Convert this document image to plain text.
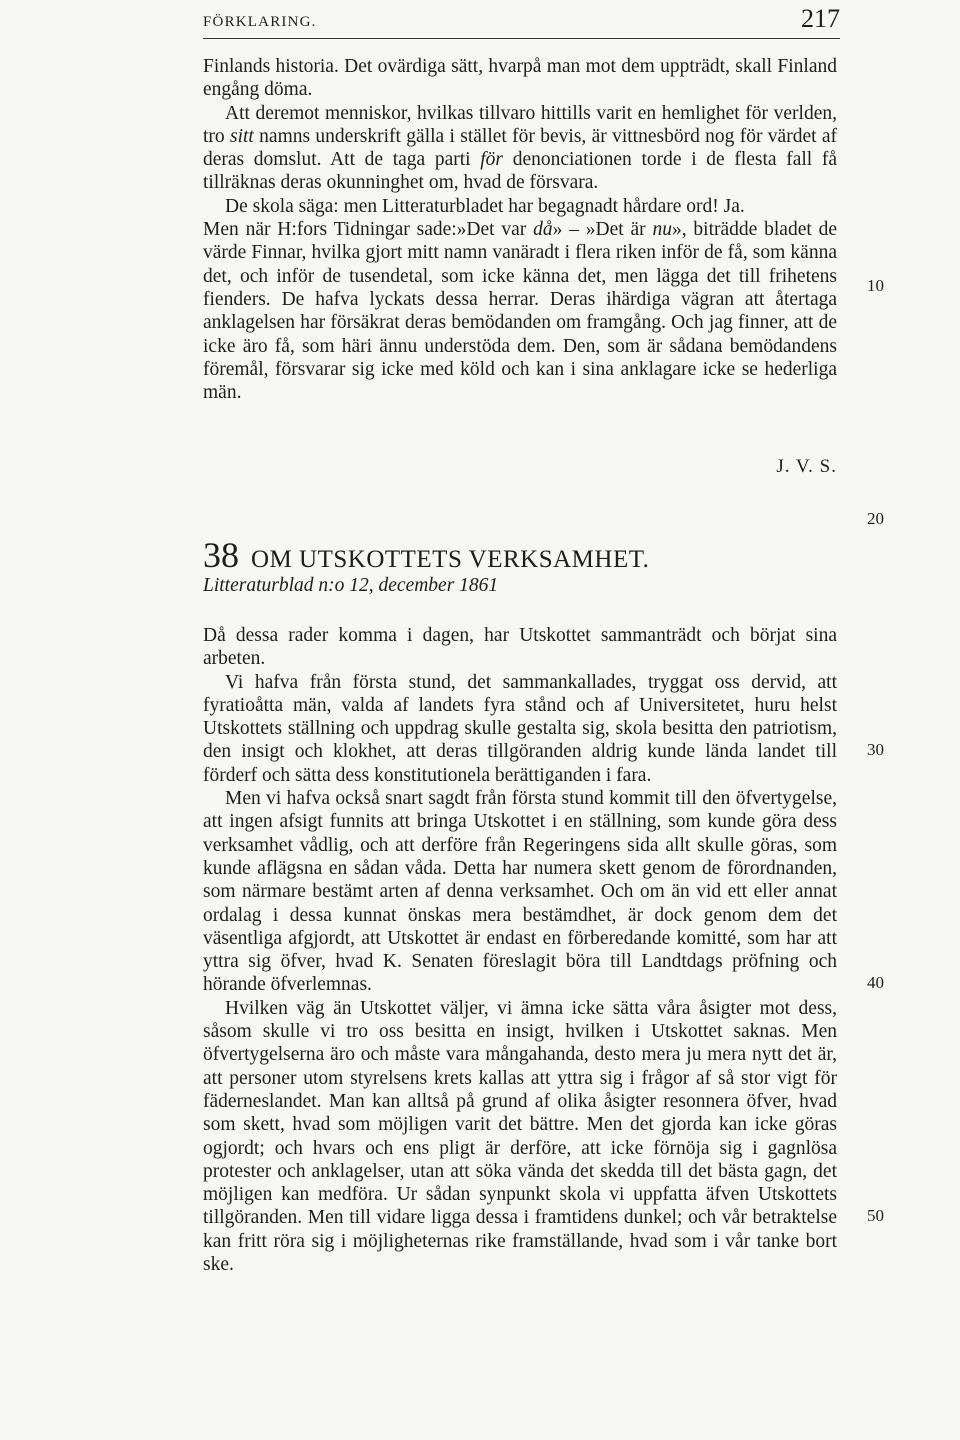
FÖRKLARING.	217

Finlands historia. Det ovärdiga sätt, hvarpå man mot dem uppträdt, skall Finland engång döma.

Att deremot menniskor, hvilkas tillvaro hittills varit en hemlighet för verlden, tro sitt namns underskrift gälla i stället för bevis, är vittnesbörd nog för värdet af deras domslut. Att de taga parti för denonciationen torde i de flesta fall få tillräknas deras okunninghet om, hvad de försvara.

De skola säga: men Litteraturbladet har begagnadt hårdare ord! Ja.

Men när H:fors Tidningar sade:»Det var då» – »Det är nu», biträdde bladet de värde Finnar, hvilka gjort mitt namn vanäradt i flera riken inför de få, som känna det, och inför de tusendetal, som icke känna det, men lägga det till frihetens fienders. De hafva lyckats dessa herrar. Deras ihärdiga vägran att återtaga anklagelsen har försäkrat deras bemödanden om framgång. Och jag finner, att de icke äro få, som häri ännu understöda dem. Den, som är sådana bemödandens föremål, försvarar sig icke med köld och kan i sina anklagare icke se hederliga män.

J. V. S.
10
20
30
40
50
38 OM UTSKOTTETS VERKSAMHET.
Litteraturblad n:o 12, december 1861

Då dessa rader komma i dagen, har Utskottet sammanträdt och börjat sina arbeten.

Vi hafva från första stund, det sammankallades, tryggat oss dervid, att fyratioåtta män, valda af landets fyra stånd och af Universitetet, huru helst Utskottets ställning och uppdrag skulle gestalta sig, skola besitta den patriotism, den insigt och klokhet, att deras tillgöranden aldrig kunde lända landet till förderf och sätta dess konstitutionela berättiganden i fara.

Men vi hafva också snart sagdt från första stund kommit till den öfvertygelse, att ingen afsigt funnits att bringa Utskottet i en ställning, som kunde göra dess verksamhet vådlig, och att derföre från Regeringens sida allt skulle göras, som kunde aflägsna en sådan våda. Detta har numera skett genom de förordnanden, som närmare bestämt arten af denna verksamhet. Och om än vid ett eller annat ordalag i dessa kunnat önskas mera bestämdhet, är dock genom dem det väsentliga afgjordt, att Utskottet är endast en förberedande komitté, som har att yttra sig öfver, hvad K. Senaten föreslagit böra till Landtdags pröfning och hörande öfverlemnas.

Hvilken väg än Utskottet väljer, vi ämna icke sätta våra åsigter mot dess, såsom skulle vi tro oss besitta en insigt, hvilken i Utskottet saknas. Men öfvertygelserna äro och måste vara mångahanda, desto mera ju mera nytt det är, att personer utom styrelsens krets kallas att yttra sig i frågor af så stor vigt för fäderneslandet. Man kan alltså på grund af olika åsigter resonnera öfver, hvad som skett, hvad som möjligen varit det bättre. Men det gjorda kan icke göras ogjordt; och hvars och ens pligt är derföre, att icke förnöja sig i gagnlösa protester och anklagelser, utan att söka vända det skedda till det bästa gagn, det möjligen kan medföra. Ur sådan synpunkt skola vi uppfatta äfven Utskottets tillgöranden. Men till vidare ligga dessa i framtidens dunkel; och vår betraktelse kan fritt röra sig i möjligheternas rike framställande, hvad som i vår tanke bort ske.
